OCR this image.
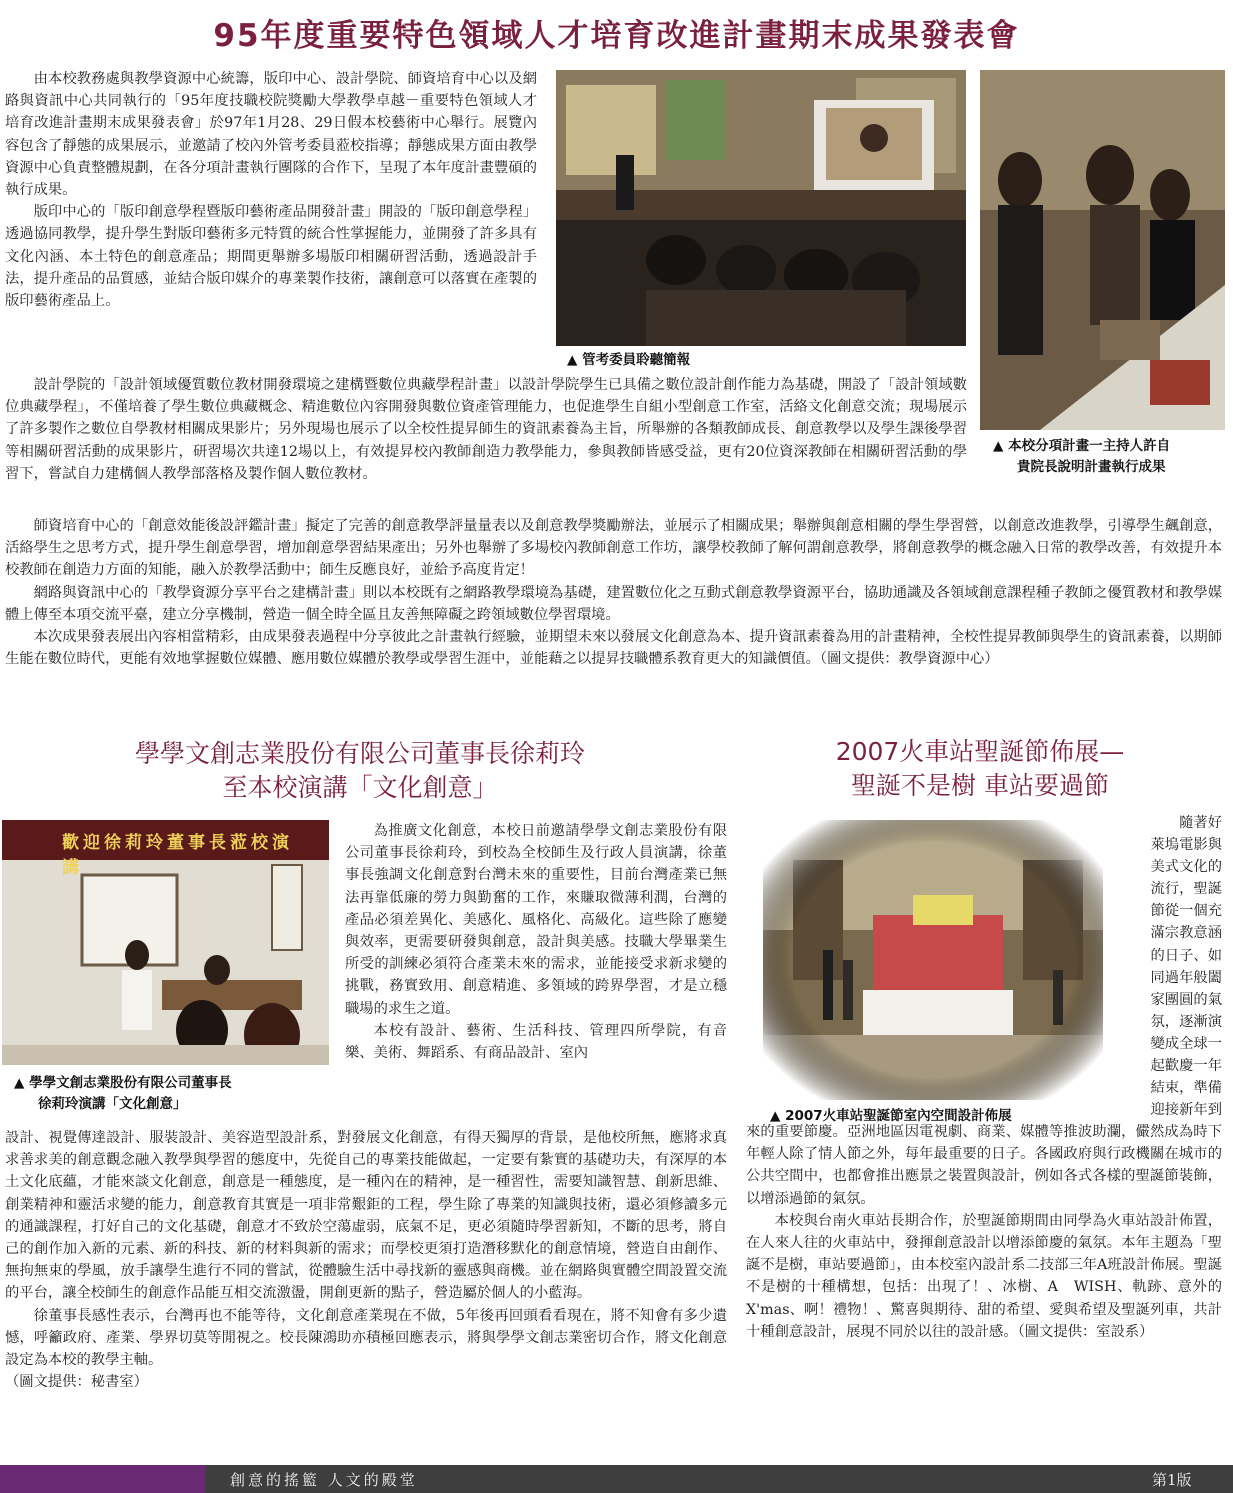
95年度重要特色領域人才培育改進計畫期末成果發表會

由本校教務處與教學資源中心統籌，版印中心、設計學院、師資培育中心以及網路與資訊中心共同執行的「95年度技職校院獎勵大學教學卓越－重要特色領域人才培育改進計畫期末成果發表會」於97年1月28、29日假本校藝術中心舉行。展覽內容包含了靜態的成果展示，並邀請了校內外管考委員蒞校指導；靜態成果方面由教學資源中心負責整體規劃，在各分項計畫執行團隊的合作下，呈現了本年度計畫豐碩的執行成果。

版印中心的「版印創意學程暨版印藝術產品開發計畫」開設的「版印創意學程」透過協同教學，提升學生對版印藝術多元特質的統合性掌握能力，並開發了許多具有文化內涵、本土特色的創意產品；期間更舉辦多場版印相關研習活動，透過設計手法，提升產品的品質感，並結合版印媒介的專業製作技術，讓創意可以落實在產製的版印藝術產品上。

▲ 管考委員聆聽簡報
▲ 本校分項計畫一主持人許自
貴院長說明計畫執行成果

設計學院的「設計領域優質數位教材開發環境之建構暨數位典藏學程計畫」以設計學院學生已具備之數位設計創作能力為基礎，開設了「設計領域數位典藏學程」，不僅培養了學生數位典藏概念、精進數位內容開發與數位資產管理能力，也促進學生自組小型創意工作室，活絡文化創意交流；現場展示了許多製作之數位自學教材相關成果影片；另外現場也展示了以全校性提昇師生的資訊素養為主旨，所舉辦的各類教師成長、創意教學以及學生課後學習等相關研習活動的成果影片，研習場次共達12場以上，有效提昇校內教師創造力教學能力，參與教師皆感受益，更有20位資深教師在相關研習活動的學習下，嘗試自力建構個人教學部落格及製作個人數位教材。

師資培育中心的「創意效能後設評鑑計畫」擬定了完善的創意教學評量量表以及創意教學獎勵辦法，並展示了相關成果；舉辦與創意相關的學生學習營，以創意改進教學，引導學生飆創意，活絡學生之思考方式，提升學生創意學習，增加創意學習結果產出；另外也舉辦了多場校內教師創意工作坊，讓學校教師了解何謂創意教學，將創意教學的概念融入日常的教學改善，有效提升本校教師在創造力方面的知能，融入於教學活動中；師生反應良好，並給予高度肯定！

網路與資訊中心的「教學資源分享平台之建構計畫」則以本校既有之網路教學環境為基礎，建置數位化之互動式創意教學資源平台，協助通識及各領域創意課程種子教師之優質教材和教學媒體上傳至本項交流平臺，建立分享機制，營造一個全時全區且友善無障礙之跨領域數位學習環境。

本次成果發表展出內容相當精彩，由成果發表過程中分享彼此之計畫執行經驗，並期望未來以發展文化創意為本、提升資訊素養為用的計畫精神，全校性提昇教師與學生的資訊素養，以期師生能在數位時代，更能有效地掌握數位媒體、應用數位媒體於教學或學習生涯中，並能藉之以提昇技職體系教育更大的知識價值。（圖文提供：教學資源中心）

學學文創志業股份有限公司董事長徐莉玲
至本校演講「文化創意」
歡迎徐莉玲董事長蒞校演講
▲ 學學文創志業股份有限公司董事長
徐莉玲演講「文化創意」

為推廣文化創意，本校日前邀請學學文創志業股份有限公司董事長徐莉玲，到校為全校師生及行政人員演講，徐董事長強調文化創意對台灣未來的重要性，目前台灣產業已無法再靠低廉的勞力與勤奮的工作，來賺取微薄利潤，台灣的產品必須差異化、美感化、風格化、高級化。這些除了應變與效率，更需要研發與創意，設計與美感。技職大學畢業生所受的訓練必須符合產業未來的需求，並能接受求新求變的挑戰，務實致用、創意精進、多領域的跨界學習，才是立穩職場的求生之道。

本校有設計、藝術、生活科技、管理四所學院，有音樂、美術、舞蹈系、有商品設計、室內

設計、視覺傳達設計、服裝設計、美容造型設計系，對發展文化創意，有得天獨厚的背景，是他校所無，應將求真求善求美的創意觀念融入教學與學習的態度中，先從自己的專業技能做起，一定要有紮實的基礎功夫，有深厚的本土文化底蘊，才能來談文化創意，創意是一種態度，是一種內在的精神，是一種習性，需要知識智慧、創新思維、創業精神和靈活求變的能力，創意教育其實是一項非常艱鉅的工程，學生除了專業的知識與技術，還必須修讀多元的通識課程，打好自己的文化基礎，創意才不致於空蕩虛弱，底氣不足，更必須隨時學習新知，不斷的思考，將自己的創作加入新的元素、新的科技、新的材料與新的需求；而學校更須打造潛移默化的創意情境，營造自由創作、無拘無束的學風，放手讓學生進行不同的嘗試，從體驗生活中尋找新的靈感與商機。並在網路與實體空間設置交流的平台，讓全校師生的創意作品能互相交流激盪，開創更新的點子，營造屬於個人的小藍海。

徐董事長感性表示，台灣再也不能等待，文化創意產業現在不做，5年後再回頭看看現在，將不知會有多少遺憾，呼籲政府、產業、學界切莫等閒視之。校長陳鴻助亦積極回應表示，將與學學文創志業密切合作，將文化創意設定為本校的教學主軸。

（圖文提供：秘書室）

2007火車站聖誕節佈展—
聖誕不是樹 車站要過節
▲ 2007火車站聖誕節室內空間設計佈展
隨著好
萊塢電影與
美式文化的
流行，聖誕
節從一個充
滿宗教意涵
的日子、如
同過年般闔
家團圓的氣
氛，逐漸演
變成全球一
起歡慶一年
結束，準備
迎接新年到

來的重要節慶。亞洲地區因電視劇、商業、媒體等推波助瀾，儼然成為時下年輕人除了情人節之外，每年最重要的日子。各國政府與行政機關在城市的公共空間中，也都會推出應景之裝置與設計，例如各式各樣的聖誕節裝飾，以增添過節的氣氛。

本校與台南火車站長期合作，於聖誕節期間由同學為火車站設計佈置，在人來人往的火車站中，發揮創意設計以增添節慶的氣氛。本年主題為「聖誕不是樹，車站要過節」，由本校室內設計系二技部三年A班設計佈展。聖誕不是樹的十種構想，包括：出現了！、冰樹、A　WISH、軌跡、意外的X'mas、啊！禮物！、驚喜與期待、甜的希望、愛與希望及聖誕列車，共計十種創意設計，展現不同於以往的設計感。（圖文提供：室設系）

創意的搖籃 人文的殿堂	第1版
